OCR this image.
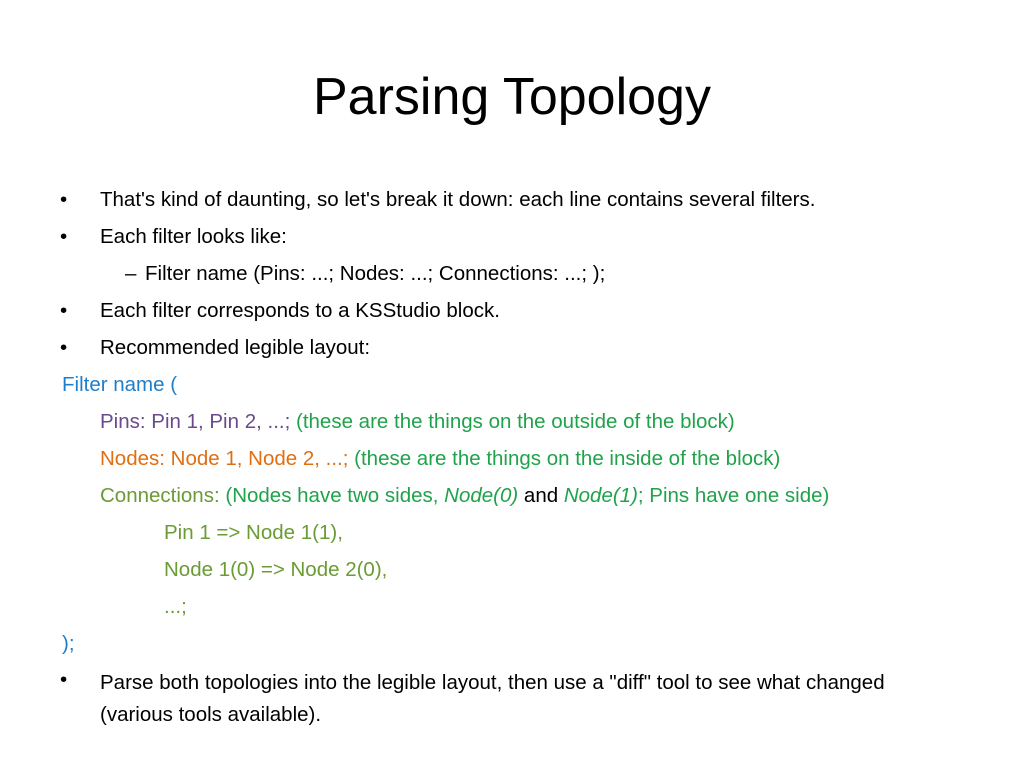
Parsing Topology
•	That's kind of daunting, so let's break it down: each line contains several filters.
•	Each filter looks like:
– Filter name (Pins: ...; Nodes: ...; Connections: ...; );
•	Each filter corresponds to a KSStudio block.
•	Recommended legible layout:
Filter name (
Pins: Pin 1, Pin 2, ...; (these are the things on the outside of the block)
Nodes: Node 1, Node 2, ...; (these are the things on the inside of the block)
Connections: (Nodes have two sides, Node(0) and Node(1); Pins have one side)
Pin 1 => Node 1(1),
Node 1(0) => Node 2(0),
...;
);
•	Parse both topologies into the legible layout, then use a "diff" tool to see what changed (various tools available).
